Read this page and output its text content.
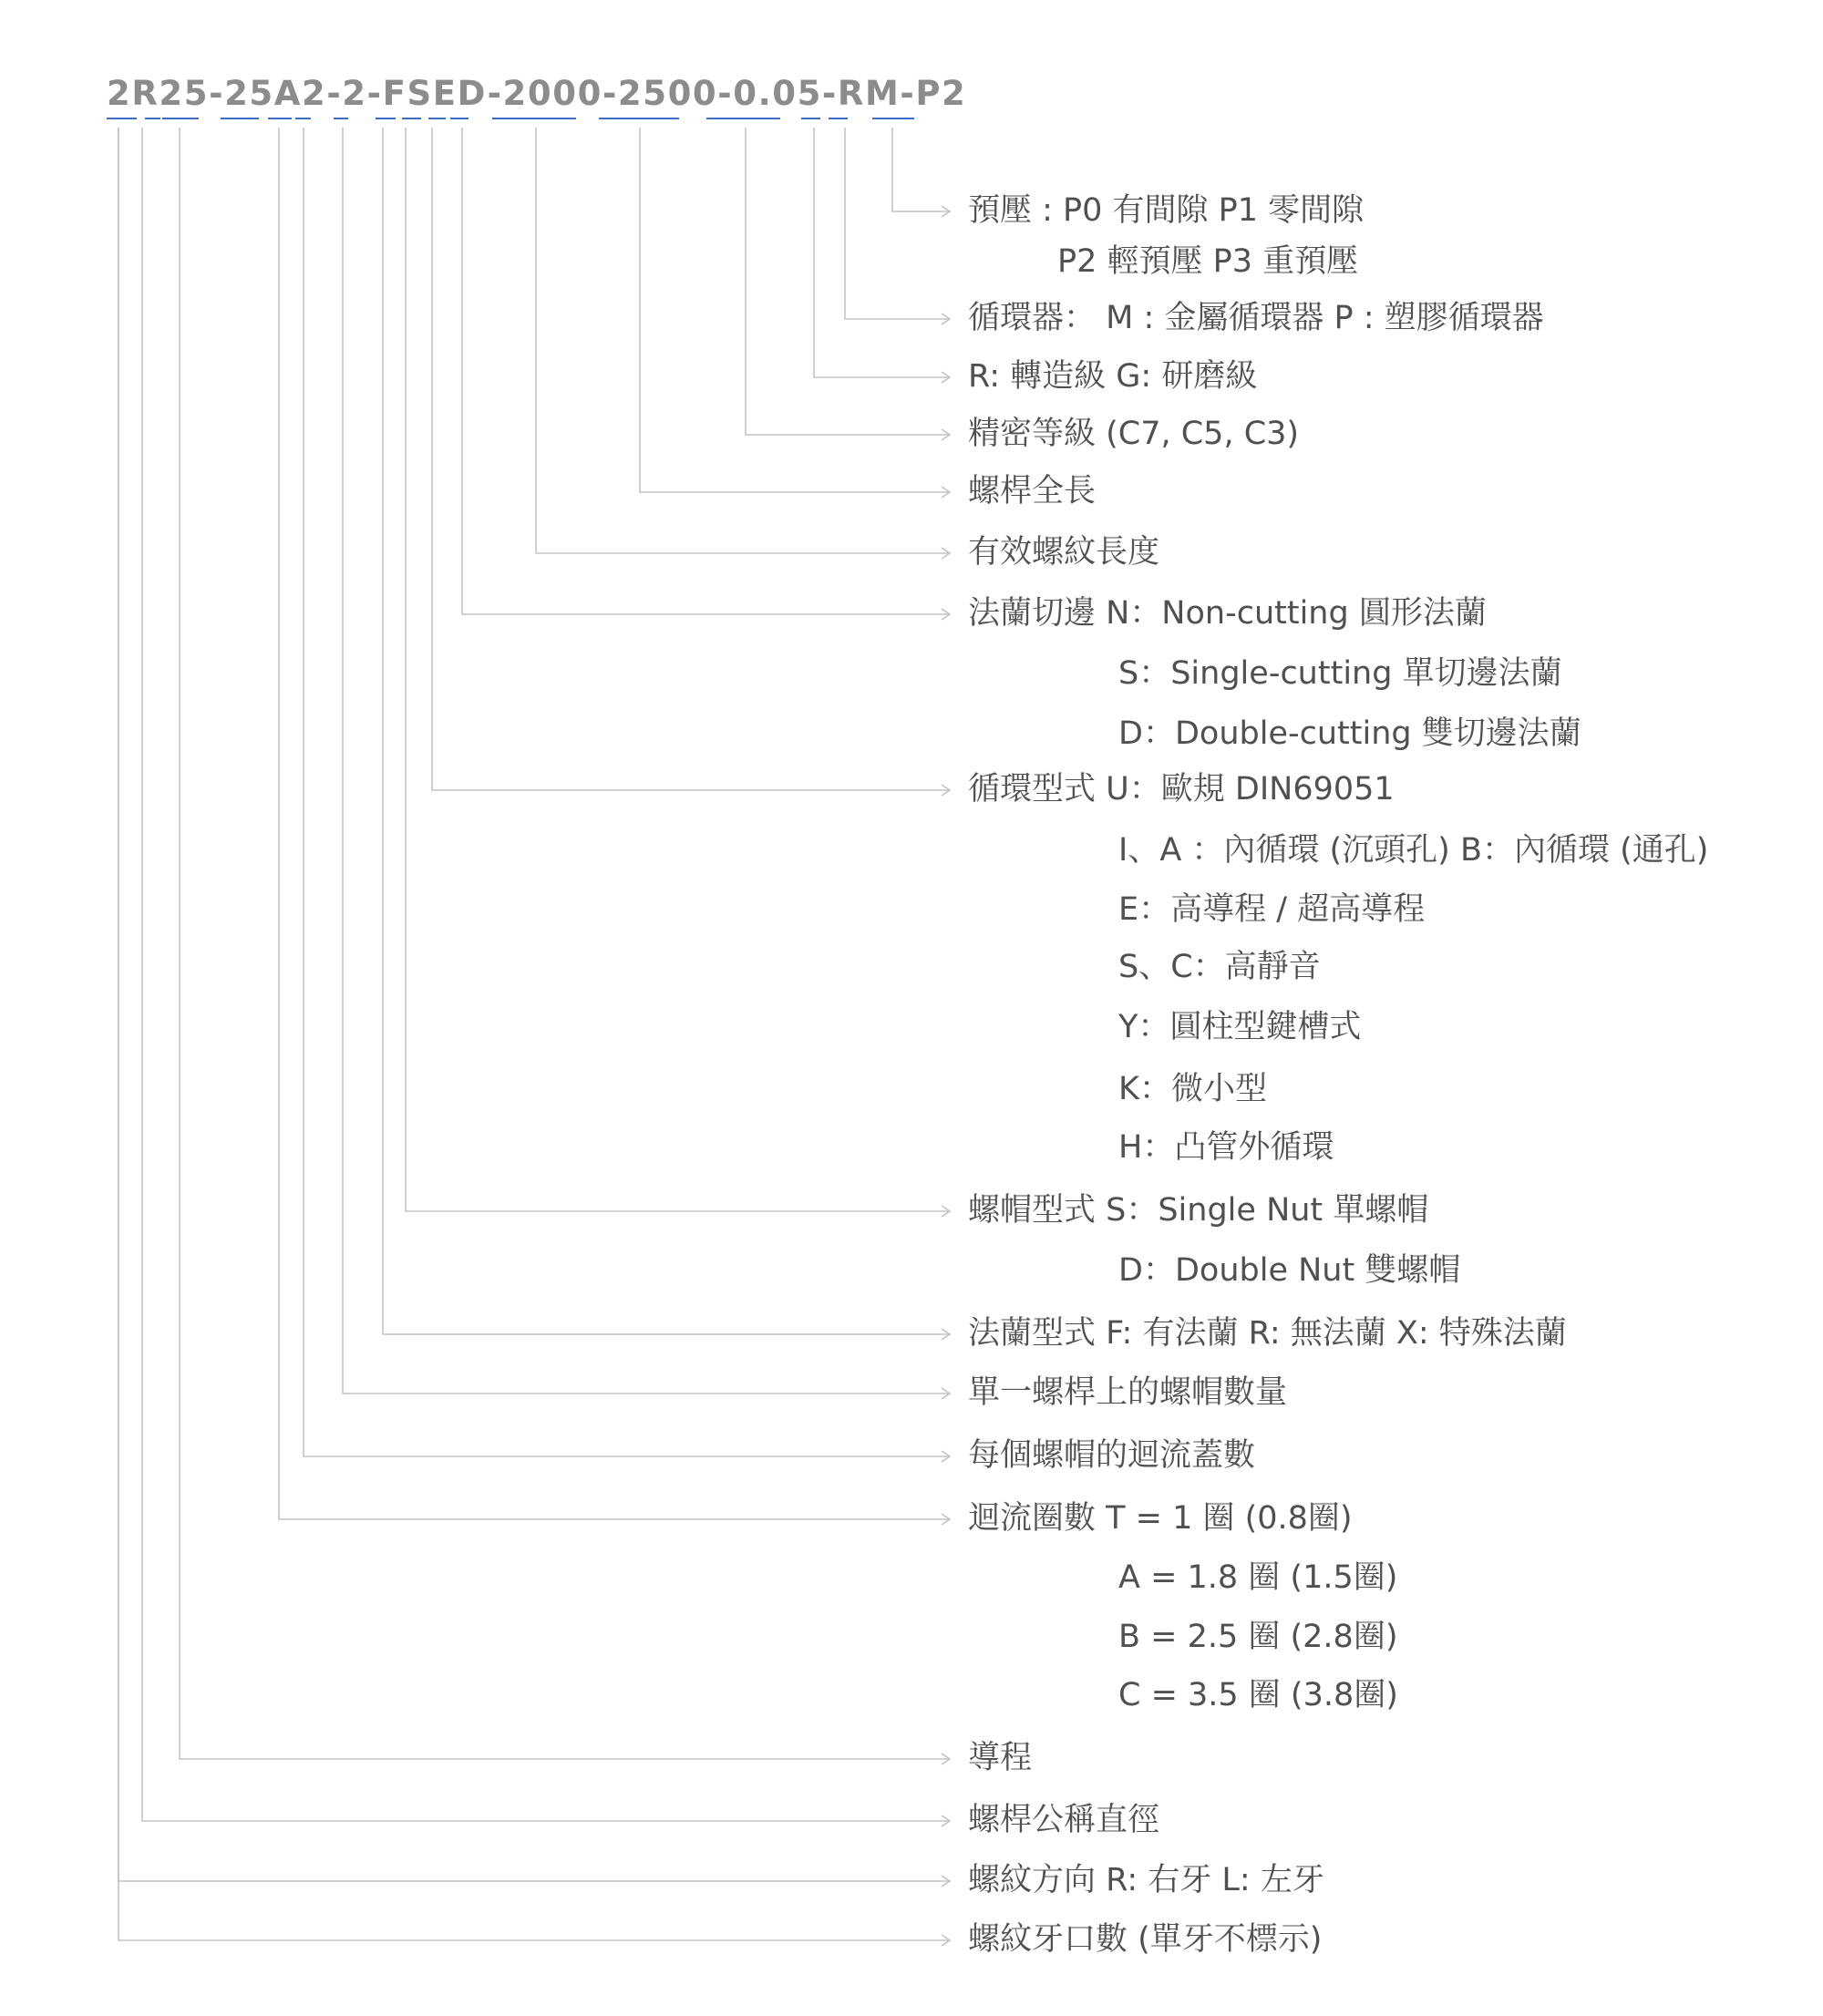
2R25-25A2-2-FSED-2000-2500-0.05-RM-P2
預壓 : P0 有間隙 P1 零間隙
P2 輕預壓 P3 重預壓
循環器： M : 金屬循環器 P : 塑膠循環器
R: 轉造級 G: 研磨級
精密等級 (C7, C5, C3)
螺桿全長
有效螺紋長度
法蘭切邊 N：Non-cutting 圓形法蘭
S：Single-cutting 單切邊法蘭
D：Double-cutting 雙切邊法蘭
循環型式 U：歐規 DIN69051
I、A ：內循環 (沉頭孔) B：內循環 (通孔)
E：高導程 / 超高導程
S、C：高靜音
Y：圓柱型鍵槽式
K：微小型
H：凸管外循環
螺帽型式 S：Single Nut 單螺帽
D：Double Nut 雙螺帽
法蘭型式 F: 有法蘭 R: 無法蘭 X: 特殊法蘭
單一螺桿上的螺帽數量
每個螺帽的迴流蓋數
迴流圈數 T = 1 圈 (0.8圈)
A = 1.8 圈 (1.5圈)
B = 2.5 圈 (2.8圈)
C = 3.5 圈 (3.8圈)
導程
螺桿公稱直徑
螺紋方向 R: 右牙 L: 左牙
螺紋牙口數 (單牙不標示)
